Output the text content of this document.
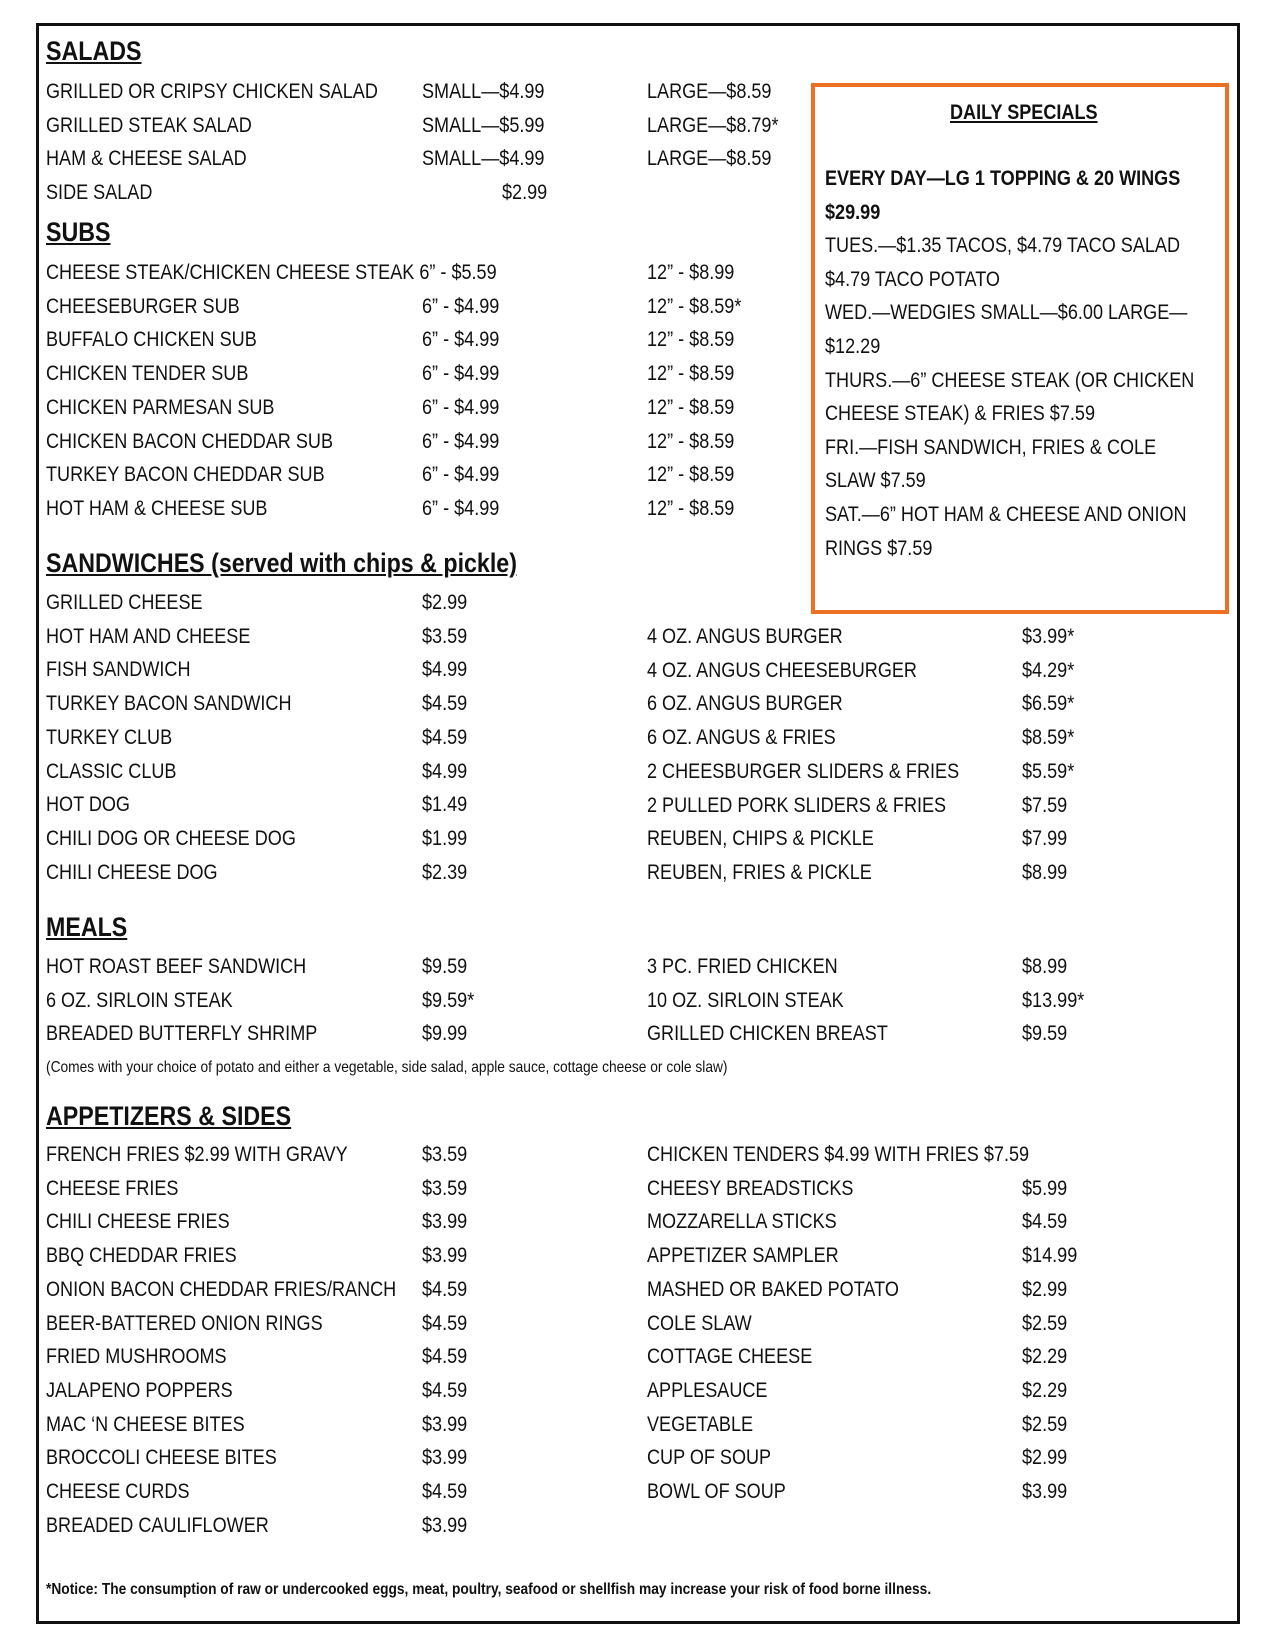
SALADS
GRILLED OR CRIPSY CHICKEN SALAD SMALL—$4.99	LARGE—$8.59
GRILLED STEAK SALAD	SMALL—$5.99	LARGE—$8.79*
HAM & CHEESE SALAD	SMALL—$4.99	LARGE—$8.59
SIDE SALAD	$2.99
SUBS
CHEESE STEAK/CHICKEN CHEESE STEAK 6” - $5.59	12” - $8.99
CHEESEBURGER SUB	6” - $4.99	12” - $8.59*
BUFFALO CHICKEN SUB	6” - $4.99	12” - $8.59
CHICKEN TENDER SUB	6” - $4.99	12” - $8.59
CHICKEN PARMESAN SUB	6” - $4.99	12” - $8.59
CHICKEN BACON CHEDDAR SUB	6” - $4.99	12” - $8.59
TURKEY BACON CHEDDAR SUB	6” - $4.99	12” - $8.59
HOT HAM & CHEESE SUB	6” - $4.99	12” - $8.59
SANDWICHES (served with chips & pickle)
GRILLED CHEESE	$2.99
HOT HAM AND CHEESE	$3.59
FISH SANDWICH	$4.99
TURKEY BACON SANDWICH	$4.59
TURKEY CLUB	$4.59
CLASSIC CLUB	$4.99
HOT DOG	$1.49
CHILI DOG OR CHEESE DOG	$1.99
CHILI CHEESE DOG	$2.39
4 OZ. ANGUS BURGER	$3.99*
4 OZ. ANGUS CHEESEBURGER	$4.29*
6 OZ. ANGUS BURGER	$6.59*
6 OZ. ANGUS & FRIES	$8.59*
2 CHEESBURGER SLIDERS & FRIES	$5.59*
2 PULLED PORK SLIDERS & FRIES	$7.59
REUBEN, CHIPS & PICKLE	$7.99
REUBEN, FRIES & PICKLE	$8.99
MEALS
HOT ROAST BEEF SANDWICH	$9.59
6 OZ. SIRLOIN STEAK	$9.59*
BREADED BUTTERFLY SHRIMP	$9.99
3 PC. FRIED CHICKEN	$8.99
10 OZ. SIRLOIN STEAK	$13.99*
GRILLED CHICKEN BREAST	$9.59
(Comes with your choice of potato and either a vegetable, side salad, apple sauce, cottage cheese or cole slaw)
APPETIZERS & SIDES
FRENCH FRIES $2.99 WITH GRAVY	$3.59
CHEESE FRIES	$3.59
CHILI CHEESE FRIES	$3.99
BBQ CHEDDAR FRIES	$3.99
ONION BACON CHEDDAR FRIES/RANCH $4.59
BEER-BATTERED ONION RINGS	$4.59
FRIED MUSHROOMS	$4.59
JALAPENO POPPERS	$4.59
MAC ‘N CHEESE BITES	$3.99
BROCCOLI CHEESE BITES	$3.99
CHEESE CURDS	$4.59
BREADED CAULIFLOWER	$3.99
CHICKEN TENDERS $4.99 WITH FRIES $7.59
CHEESY BREADSTICKS	$5.99
MOZZARELLA STICKS	$4.59
APPETIZER SAMPLER	$14.99
MASHED OR BAKED POTATO	$2.99
COLE SLAW	$2.59
COTTAGE CHEESE	$2.29
APPLESAUCE	$2.29
VEGETABLE	$2.59
CUP OF SOUP	$2.99
BOWL OF SOUP	$3.99
DAILY SPECIALS
EVERY DAY—LG 1 TOPPING & 20 WINGS
$29.99
TUES.—$1.35 TACOS, $4.79 TACO SALAD
$4.79 TACO POTATO
WED.—WEDGIES SMALL—$6.00 LARGE—
$12.29
THURS.—6” CHEESE STEAK (OR CHICKEN
CHEESE STEAK) & FRIES $7.59
FRI.—FISH SANDWICH, FRIES & COLE
SLAW $7.59
SAT.—6” HOT HAM & CHEESE AND ONION
RINGS $7.59
*Notice: The consumption of raw or undercooked eggs, meat, poultry, seafood or shellfish may increase your risk of food borne illness.
